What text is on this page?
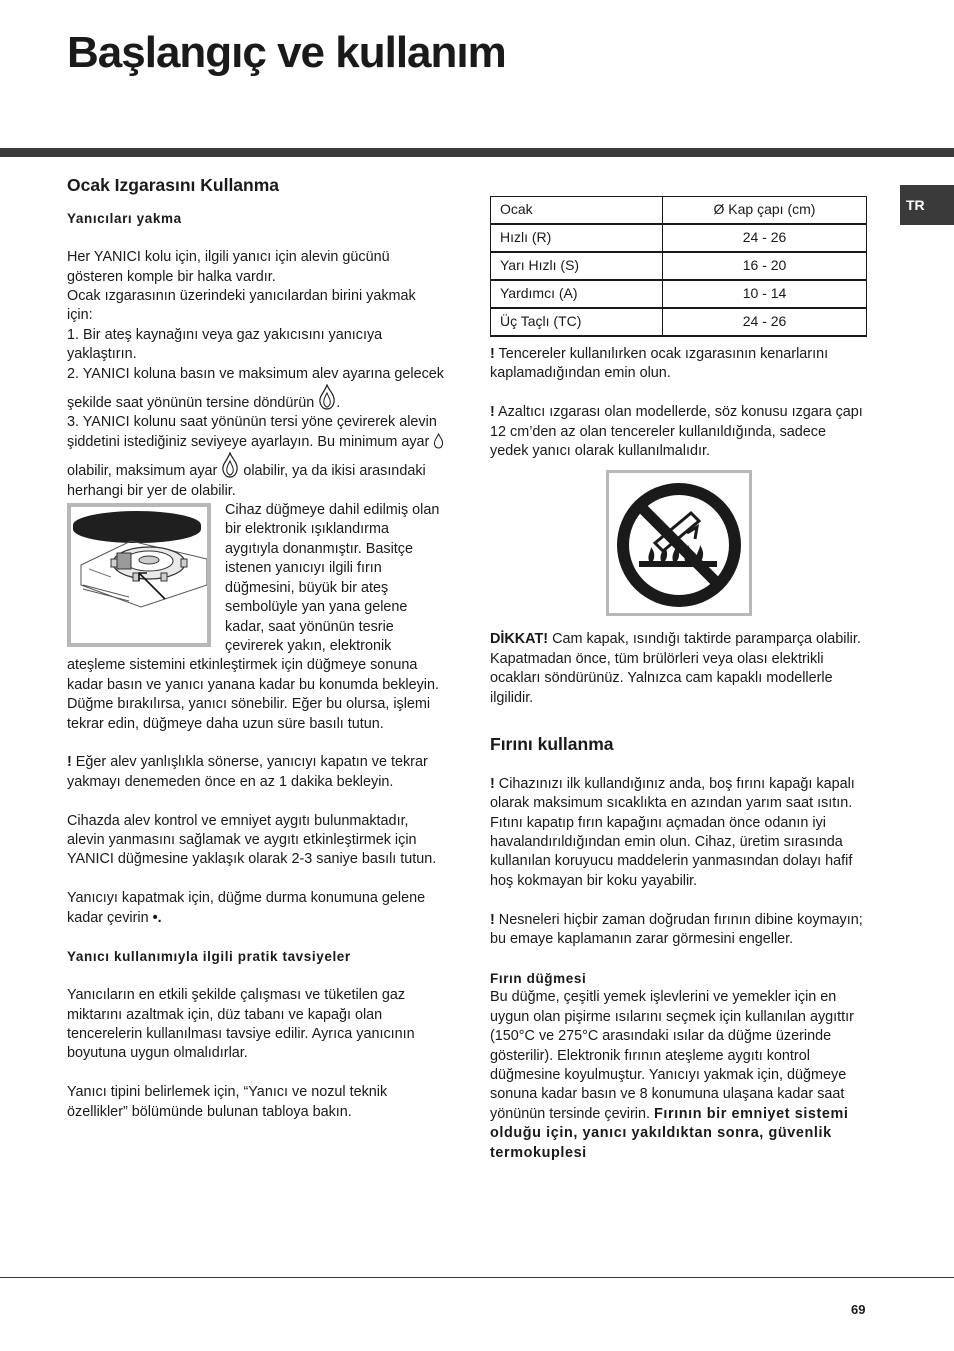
Başlangıç ve kullanım
TR
Ocak Izgarasını Kullanma

Yanıcıları yakma

Her YANICI kolu için, ilgili yanıcı için alevin gücünü gösteren komple bir halka vardır.

Ocak ızgarasının üzerindeki yanıcılardan birini yakmak için:

1. Bir ateş kaynağını veya gaz yakıcısını yanıcıya yaklaştırın.

2. YANICI koluna basın ve maksimum alev ayarına gelecek şekilde saat yönünün tersine döndürün .

3. YANICI kolunu saat yönünün tersi yöne çevirerek alevin şiddetini istediğiniz seviyeye ayarlayın. Bu minimum ayar  olabilir, maksimum ayar olabilir, ya da ikisi arasındaki herhangi bir yer de olabilir.

Cihaz düğmeye dahil edilmiş olan bir elektronik ışıklandırma aygıtıyla donanmıştır. Basitçe istenen yanıcıyı ilgili fırın düğmesini, büyük bir ateş sembolüyle yan yana gelene kadar, saat yönünün tesrie çevirerek yakın, elektronik ateşleme sistemini etkinleştirmek için düğmeye sonuna kadar basın ve yanıcı yanana kadar bu konumda bekleyin. Düğme bırakılırsa, yanıcı sönebilir. Eğer bu olursa, işlemi tekrar edin, düğmeye daha uzun süre basılı tutun.

! Eğer alev yanlışlıkla sönerse, yanıcıyı kapatın ve tekrar yakmayı denemeden önce en az 1 dakika bekleyin.

Cihazda alev kontrol ve emniyet aygıtı bulunmaktadır, alevin yanmasını sağlamak ve aygıtı etkinleştirmek için YANICI düğmesine yaklaşık olarak 2-3 saniye basılı tutun.

Yanıcıyı kapatmak için, düğme durma konumuna gelene kadar çevirin •.

Yanıcı kullanımıyla ilgili pratik tavsiyeler

Yanıcıların en etkili şekilde çalışması ve tüketilen gaz miktarını azaltmak için, düz tabanı ve kapağı olan tencerelerin kullanılması tavsiye edilir. Ayrıca yanıcının boyutuna uygun olmalıdırlar.

Yanıcı tipini belirlemek için, “Yanıcı ve nozul teknik özellikler” bölümünde bulunan tabloya bakın.

Ocak	Ø Kap çapı (cm)
Hızlı (R)	24 - 26
Yarı Hızlı (S)	16 - 20
Yardımcı (A)	10 - 14
Üç Taçlı (TC)	24 - 26

! Tencereler kullanılırken ocak ızgarasının kenarlarını kaplamadığından emin olun.

! Azaltıcı ızgarası olan modellerde, söz konusu ızgara çapı 12 cm’den az olan tencereler kullanıldığında, sadece yedek yanıcı olarak kullanılmalıdır.

DİKKAT! Cam kapak, ısındığı taktirde paramparça olabilir. Kapatmadan önce, tüm brülörleri veya olası elektrikli ocakları söndürünüz. Yalnızca cam kapaklı modellerle ilgilidir.

Fırını kullanma

! Cihazınızı ilk kullandığınız anda, boş fırını kapağı kapalı olarak maksimum sıcaklıkta en azından yarım saat ısıtın. Fıtını kapatıp fırın kapağını açmadan önce odanın iyi havalandırıldığından emin olun. Cihaz, üretim sırasında kullanılan koruyucu maddelerin yanmasından dolayı hafif hoş kokmayan bir koku yayabilir.

! Nesneleri hiçbir zaman doğrudan fırının dibine koymayın; bu emaye kaplamanın zarar görmesini engeller.

Fırın düğmesi

Bu düğme, çeşitli yemek işlevlerini ve yemekler için en uygun olan pişirme ısılarını seçmek için kullanılan aygıttır (150°C ve 275°C arasındaki ısılar da düğme üzerinde gösterilir). Elektronik fırının ateşleme aygıtı kontrol düğmesine koyulmuştur. Yanıcıyı yakmak için, düğmeye sonuna kadar basın ve 8 konumuna ulaşana kadar saat yönünün tersinde çevirin. Fırının bir emniyet sistemi olduğu için, yanıcı yakıldıktan sonra, güvenlik termokuplesi

69
